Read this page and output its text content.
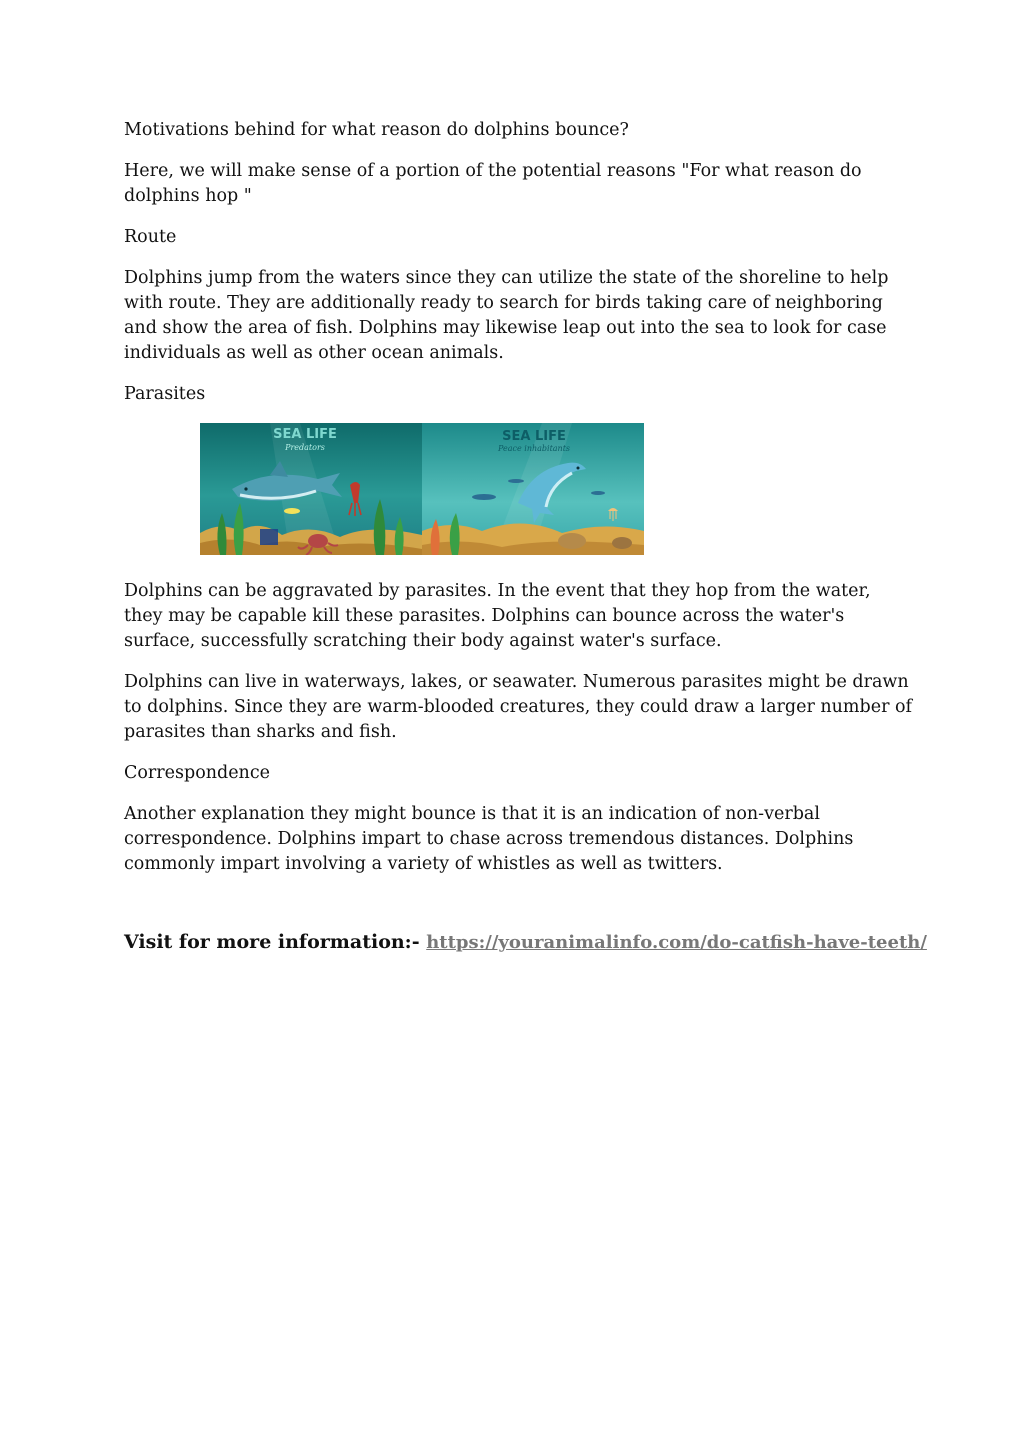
Motivations behind for what reason do dolphins bounce?

Here, we will make sense of a portion of the potential reasons "For what reason do dolphins hop "

Route

Dolphins jump from the waters since they can utilize the state of the shoreline to help with route. They are additionally ready to search for birds taking care of neighboring and show the area of fish. Dolphins may likewise leap out into the sea to look for case individuals as well as other ocean animals.

Parasites

SEA LIFE
Predators
SEA LIFE
Peace inhabitants

Dolphins can be aggravated by parasites. In the event that they hop from the water, they may be capable kill these parasites. Dolphins can bounce across the water's surface, successfully scratching their body against water's surface.

Dolphins can live in waterways, lakes, or seawater. Numerous parasites might be drawn to dolphins. Since they are warm-blooded creatures, they could draw a larger number of parasites than sharks and fish.

Correspondence

Another explanation they might bounce is that it is an indication of non-verbal correspondence. Dolphins impart to chase across tremendous distances. Dolphins commonly impart involving a variety of whistles as well as twitters.

Visit for more information:- https://youranimalinfo.com/do-catfish-have-teeth/
